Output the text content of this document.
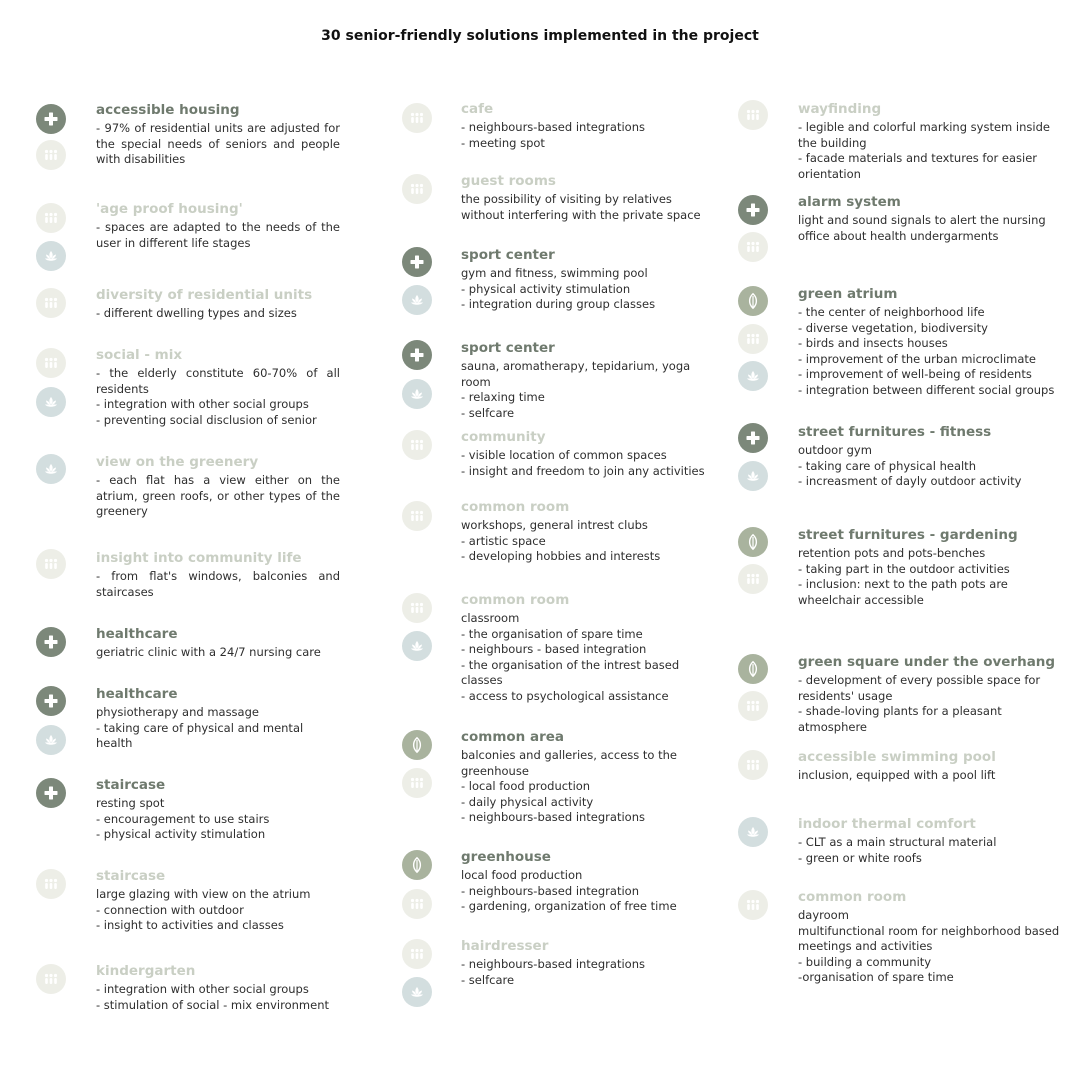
30 senior-friendly solutions implemented in the project
accessible housing
- 97% of residential units are adjusted for the special needs of seniors and people with disabilities
'age proof housing'
- spaces are adapted to the needs of the user in different life stages
diversity of residential units
- different dwelling types and sizes
social - mix
- the elderly constitute 60-70% of all residents
- integration with other social groups
- preventing social disclusion of senior
view on the greenery
- each flat has a view either on the atrium, green roofs, or other types of the greenery
insight into community life
- from flat's windows, balconies and staircases
healthcare
geriatric clinic with a 24/7 nursing care
healthcare
physiotherapy and massage
- taking care of physical and mental health
staircase
resting spot
- encouragement to use stairs
- physical activity stimulation
staircase
large glazing with view on the atrium
- connection with outdoor
- insight to activities and classes
kindergarten
- integration with other social groups
- stimulation of social - mix environment
cafe
- neighbours-based integrations
- meeting spot
guest rooms
the possibility of visiting by relatives without interfering with the private space
sport center
gym and fitness, swimming pool
- physical activity stimulation
- integration during group classes
sport center
sauna, aromatherapy, tepidarium, yoga room
- relaxing time
- selfcare
community
- visible location of common spaces
- insight and freedom to join any activities
common room
workshops, general intrest clubs
- artistic space
- developing hobbies and interests
common room
classroom
- the organisation of spare time
- neighbours - based integration
- the organisation of the intrest based classes
- access to psychological assistance
common area
balconies and galleries, access to the greenhouse
- local food production
- daily physical activity
- neighbours-based integrations
greenhouse
local food production
- neighbours-based integration
- gardening, organization of free time
hairdresser
- neighbours-based integrations
- selfcare
wayfinding
- legible and colorful marking system inside the building
- facade materials and textures for easier orientation
alarm system
light and sound signals to alert the nursing office about health undergarments
green atrium
- the center of neighborhood life
- diverse vegetation, biodiversity
- birds and insects houses
- improvement of the urban microclimate
- improvement of well-being of residents
- integration between different social groups
street furnitures - fitness
outdoor gym
- taking care of physical health
- increasment of dayly outdoor activity
street furnitures - gardening
retention pots and pots-benches
- taking part in the outdoor activities
- inclusion: next to the path pots are wheelchair accessible
green square under the overhang
- development of every possible space for residents' usage
- shade-loving plants for a pleasant atmosphere
accessible swimming pool
inclusion, equipped with a pool lift
indoor thermal comfort
- CLT as a main structural material
- green or white roofs
common room
dayroom
multifunctional room for neighborhood based meetings and activities
- building a community
-organisation of spare time
